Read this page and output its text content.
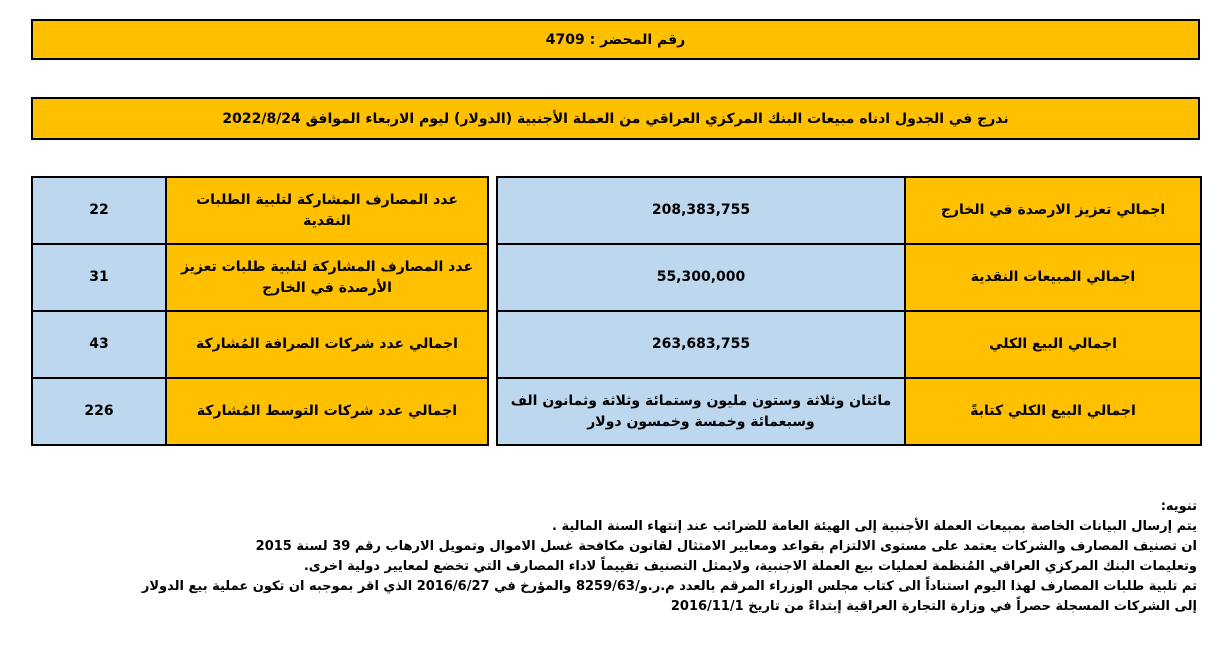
رقم المحضر : 4709
ندرج في الجدول ادناه مبيعات البنك المركزي العراقي من العملة الأجنبية (الدولار) ليوم الاربعاء الموافق 2022/8/24
اجمالي تعزيز الارصدة في الخارج	208,383,755
اجمالي المبيعات النقدية	55,300,000
اجمالي البيع الكلي	263,683,755
اجمالي البيع الكلي كتابةً	مائتان وثلاثة وستون مليون وستمائة وثلاثة وثمانون الف وسبعمائة وخمسة وخمسون دولار
عدد المصارف المشاركة لتلبية الطلبات النقدية	22
عدد المصارف المشاركة لتلبية طلبات تعزيز الأرصدة في الخارج	31
اجمالي عدد شركات الصرافة المُشاركة	43
اجمالي عدد شركات التوسط المُشاركة	226

تنويه:

يتم إرسال البيانات الخاصة بمبيعات العملة الأجنبية إلى الهيئة العامة للضرائب عند إنتهاء السنة المالية .

ان تصنيف المصارف والشركات يعتمد على مستوى الالتزام بقواعد ومعايير الامتثال لقانون مكافحة غسل الاموال وتمويل الارهاب رقم 39 لسنة 2015

وتعليمات البنك المركزي العراقي المُنظمة لعمليات بيع العملة الاجنبية، ولايمثل التصنيف تقييماً لاداء المصارف التي تخضع لمعايير دولية اخرى.

تم تلبية طلبات المصارف لهذا اليوم استناداً الى كتاب مجلس الوزراء المرقم بالعدد م.ر.و/8259/63 والمؤرخ في 2016/6/27 الذي اقر بموجبه ان تكون عملية بيع الدولار

إلى الشركات المسجلة حصراً في وزارة التجارة العراقية إبتداءً من تاريخ 2016/11/1
